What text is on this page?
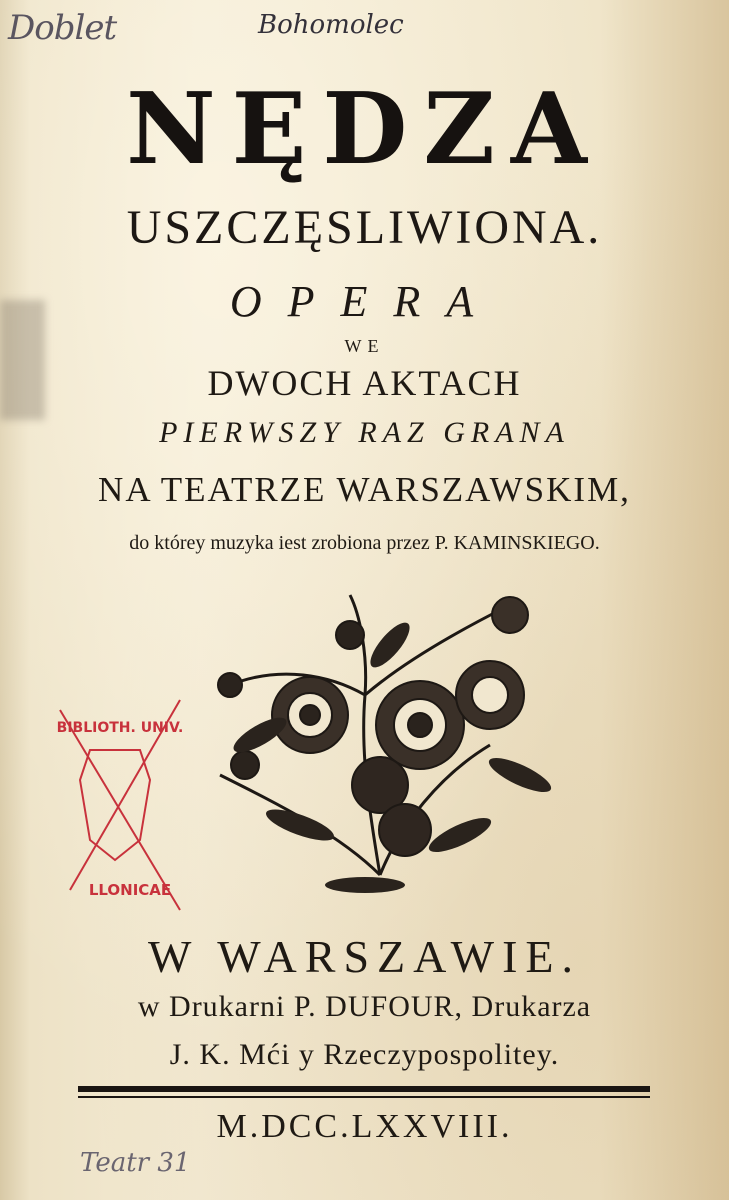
Doblet	Bohomolec
NĘDZA
USZCZĘSLIWIONA.
OPERA
WE
DWOCH AKTACH
PIERWSZY RAZ GRANA
NA TEATRZE WARSZAWSKIM,
do którey muzyka iest zrobiona przez P. KAMINSKIEGO.
BIBLIOTH. UNIV.
LLONICAE
W WARSZAWIE.
w Drukarni P. DUFOUR, Drukarza
J. K. Mći y Rzeczypospolitey.
M.DCC.LXXVIII.
Teatr 31
